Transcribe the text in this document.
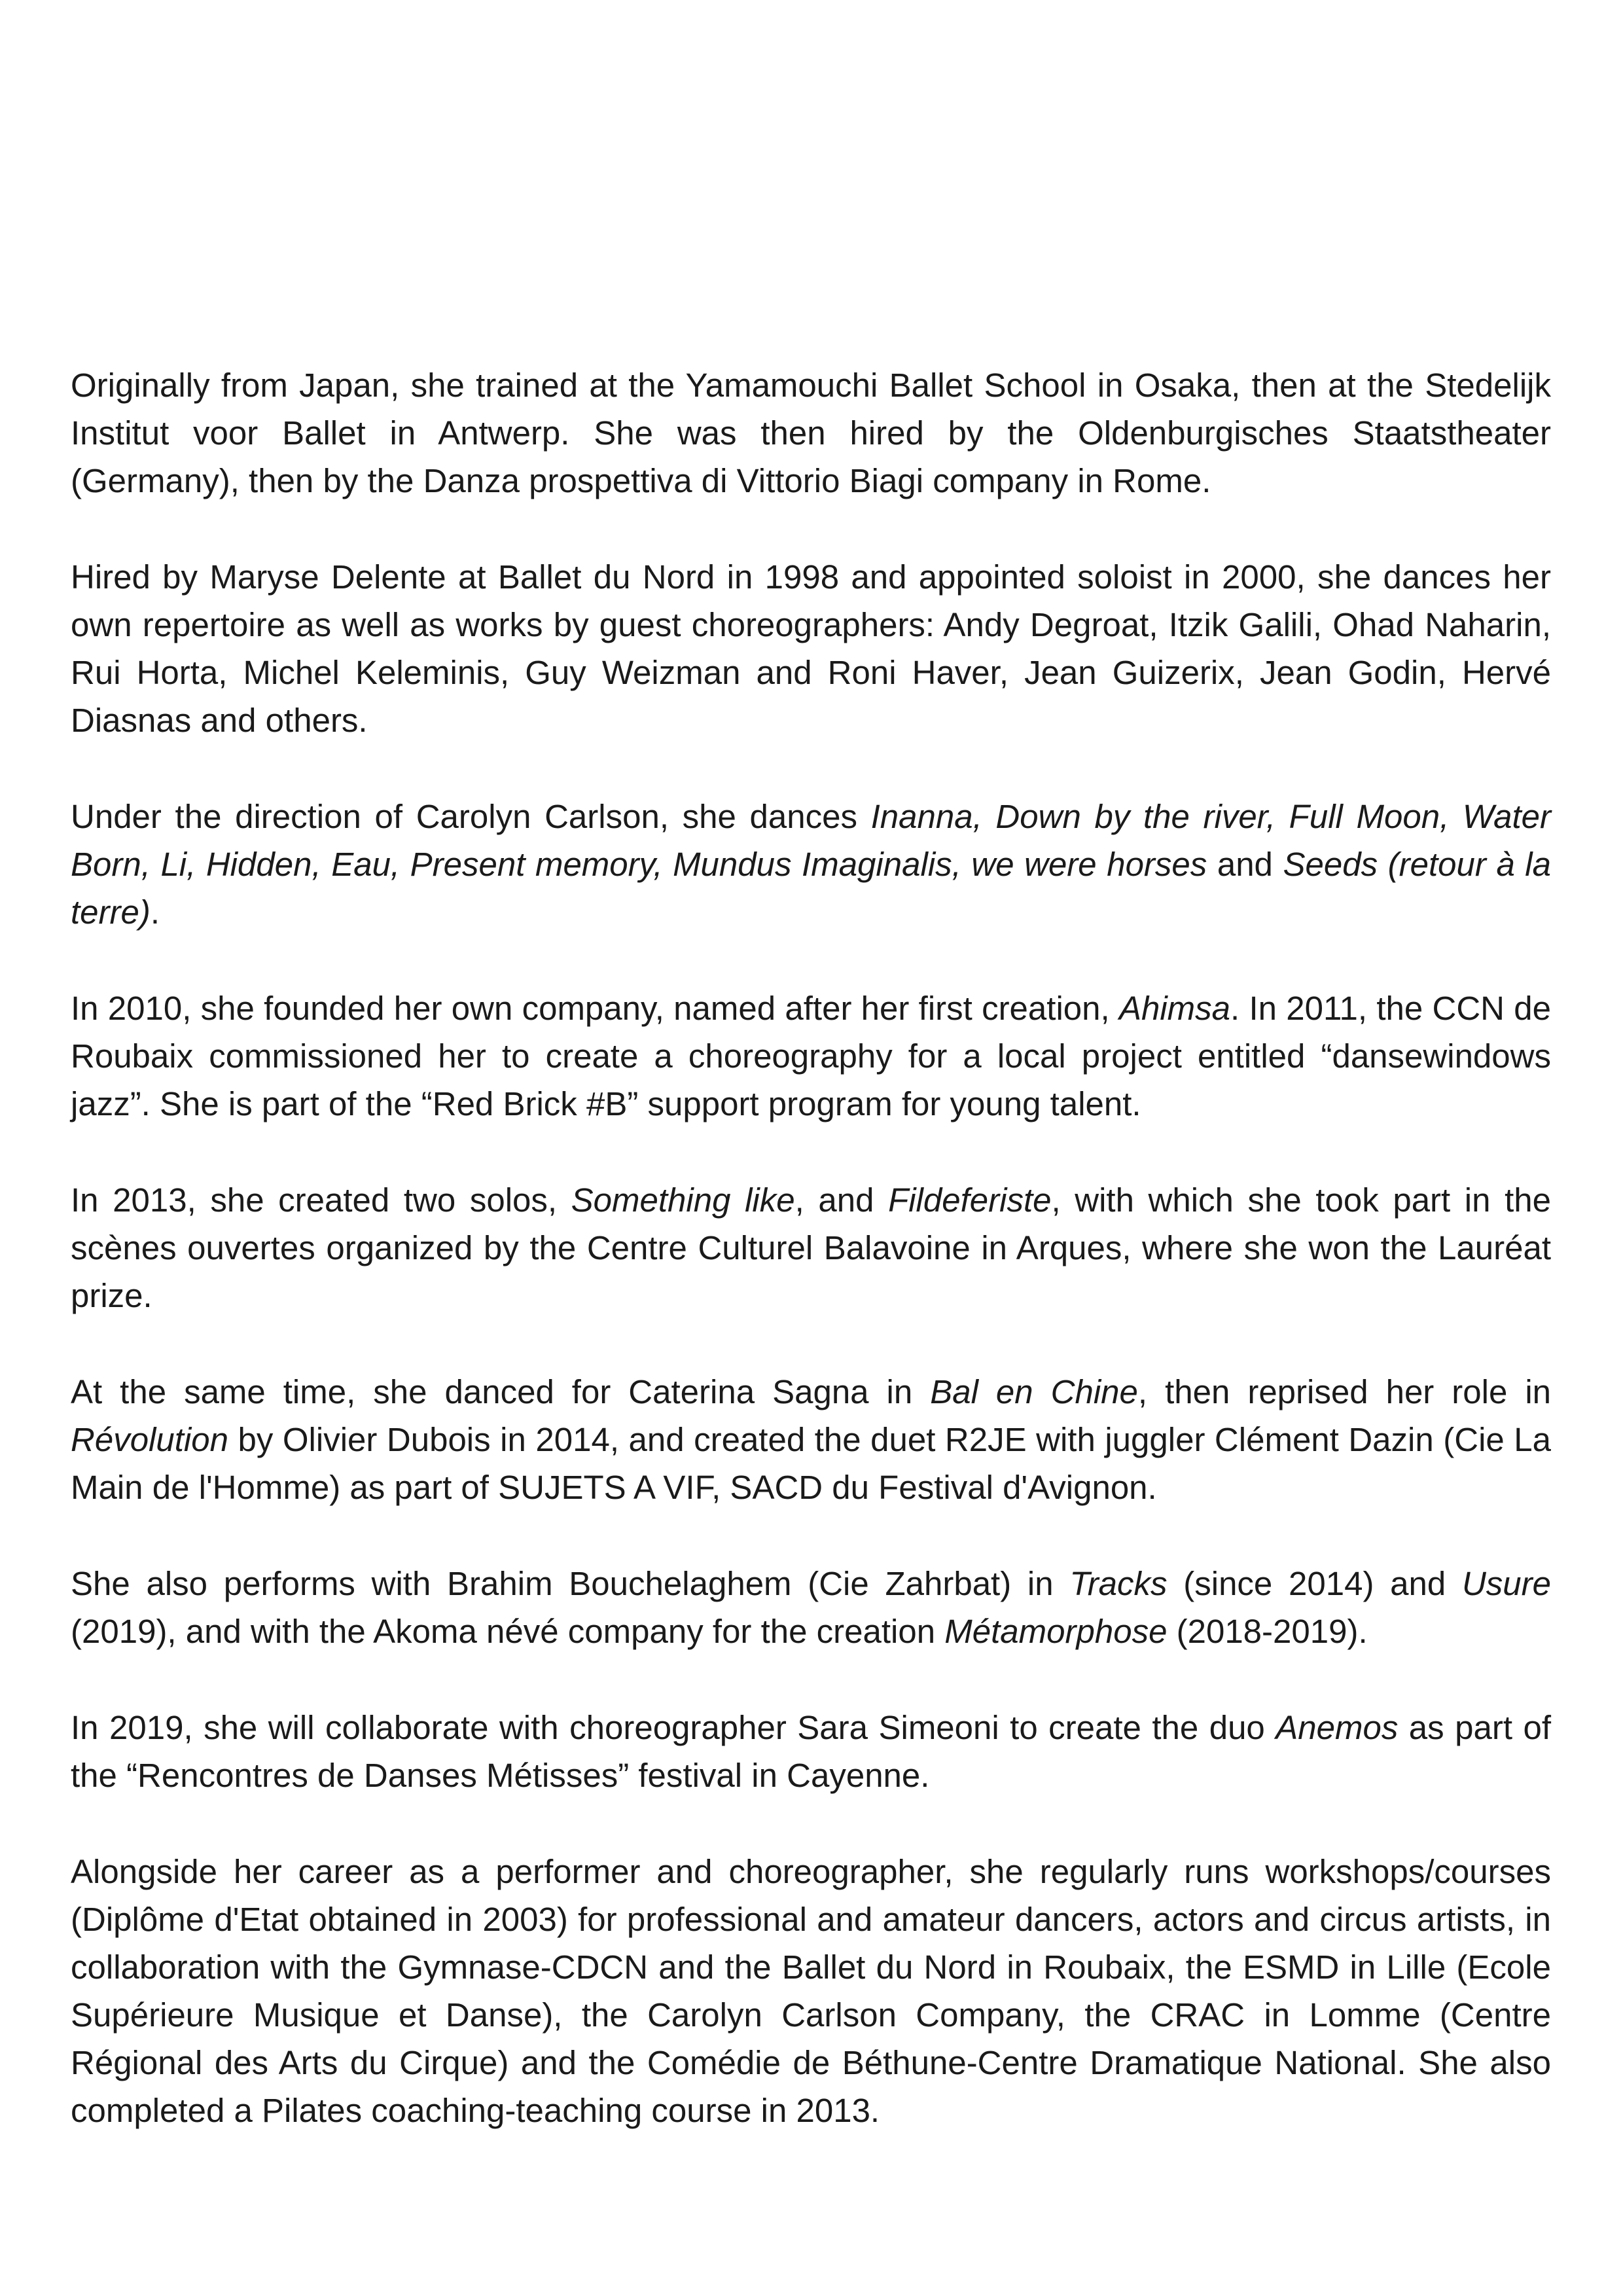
Originally from Japan, she trained at the Yamamouchi Ballet School in Osaka, then at the Stedelijk Institut voor Ballet in Antwerp. She was then hired by the Oldenburgisches Staatstheater (Germany), then by the Danza prospettiva di Vittorio Biagi company in Rome.

Hired by Maryse Delente at Ballet du Nord in 1998 and appointed soloist in 2000, she dances her own repertoire as well as works by guest choreographers: Andy Degroat, Itzik Galili, Ohad Naharin, Rui Horta, Michel Keleminis, Guy Weizman and Roni Haver, Jean Guizerix, Jean Godin, Hervé Diasnas and others.

Under the direction of Carolyn Carlson, she dances Inanna, Down by the river, Full Moon, Water Born, Li, Hidden, Eau, Present memory, Mundus Imaginalis, we were horses and Seeds (retour à la terre).

In 2010, she founded her own company, named after her first creation, Ahimsa. In 2011, the CCN de Roubaix commissioned her to create a choreography for a local project entitled “dansewindows jazz”. She is part of the “Red Brick #B” support program for young talent.

In 2013, she created two solos, Something like, and Fildeferiste, with which she took part in the scènes ouvertes organized by the Centre Culturel Balavoine in Arques, where she won the Lauréat prize.

At the same time, she danced for Caterina Sagna in Bal en Chine, then reprised her role in Révolution by Olivier Dubois in 2014, and created the duet R2JE with juggler Clément Dazin (Cie La Main de l'Homme) as part of SUJETS A VIF, SACD du Festival d'Avignon.

She also performs with Brahim Bouchelaghem (Cie Zahrbat) in Tracks (since 2014) and Usure (2019), and with the Akoma névé company for the creation Métamorphose (2018-2019).

In 2019, she will collaborate with choreographer Sara Simeoni to create the duo Anemos as part of the “Rencontres de Danses Métisses” festival in Cayenne.

Alongside her career as a performer and choreographer, she regularly runs workshops/courses (Diplôme d'Etat obtained in 2003) for professional and amateur dancers, actors and circus artists, in collaboration with the Gymnase-CDCN and the Ballet du Nord in Roubaix, the ESMD in Lille (Ecole Supérieure Musique et Danse), the Carolyn Carlson Company, the CRAC in Lomme (Centre Régional des Arts du Cirque) and the Comédie de Béthune-Centre Dramatique National. She also completed a Pilates coaching-teaching course in 2013.
